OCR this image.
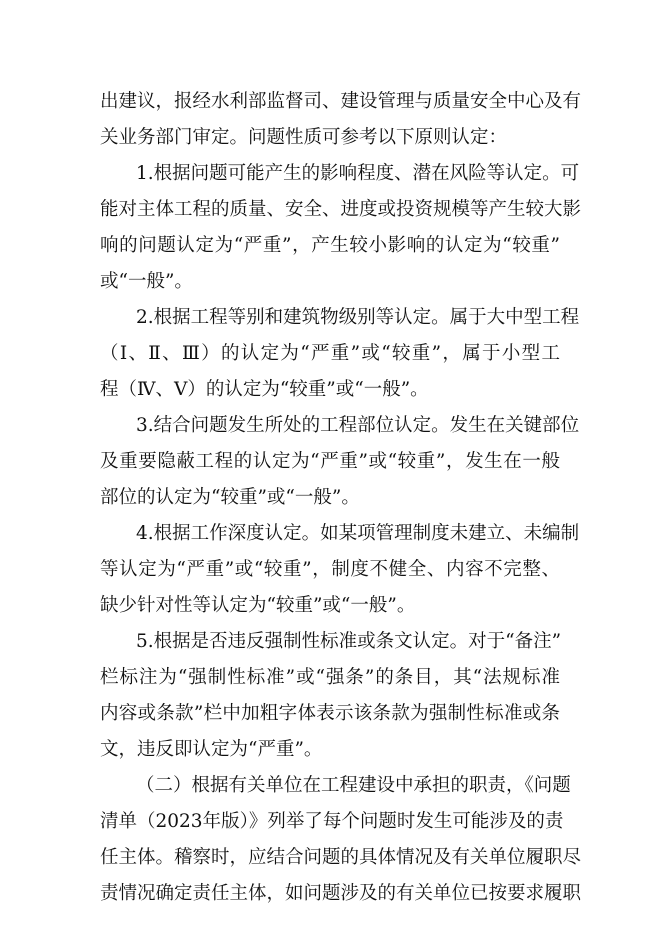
出建议，报经水利部监督司、建设管理与质量安全中心及有
关业务部门审定。问题性质可参考以下原则认定：
1.根据问题可能产生的影响程度、潜在风险等认定。可
能对主体工程的质量、安全、进度或投资规模等产生较大影
响的问题认定为“严重”，产生较小影响的认定为“较重”
或“一般”。
2.根据工程等别和建筑物级别等认定。属于大中型工程
（Ⅰ、Ⅱ、Ⅲ）的认定为“严重”或“较重”，属于小型工
程（Ⅳ、Ⅴ）的认定为“较重”或“一般”。
3.结合问题发生所处的工程部位认定。发生在关键部位
及重要隐蔽工程的认定为“严重”或“较重”，发生在一般
部位的认定为“较重”或“一般”。
4.根据工作深度认定。如某项管理制度未建立、未编制
等认定为“严重”或“较重”，制度不健全、内容不完整、
缺少针对性等认定为“较重”或“一般”。
5.根据是否违反强制性标准或条文认定。对于“备注”
栏标注为“强制性标准”或“强条”的条目，其“法规标准
内容或条款”栏中加粗字体表示该条款为强制性标准或条
文，违反即认定为“严重”。
（二）根据有关单位在工程建设中承担的职责，《问题
清单（2023年版）》列举了每个问题时发生可能涉及的责
任主体。稽察时，应结合问题的具体情况及有关单位履职尽
责情况确定责任主体，如问题涉及的有关单位已按要求履职
